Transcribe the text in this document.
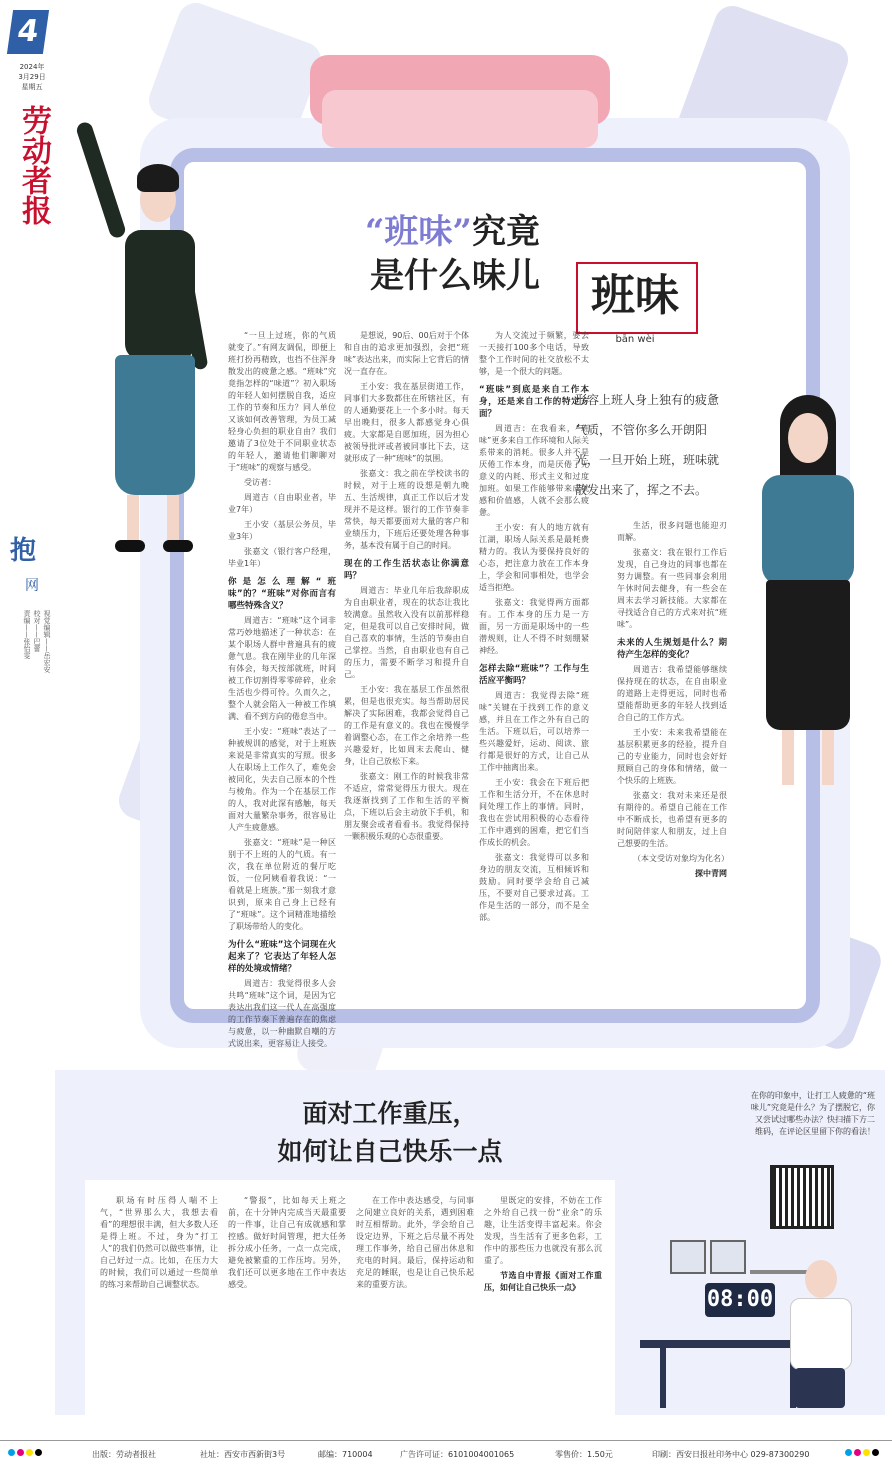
4
2024年
3月29日
星期五
劳动者报
抱
网
视觉编辑——岳宏安
校对——巴蕾
责编——张怡雯
“班味”究竟
是什么味儿	班味
bān wèi
形容上班人身上独有的疲惫气质，不管你多么开朗阳光，一旦开始上班，班味就散发出来了，挥之不去。

“一旦上过班，你的气质就变了。”有网友调侃，即便上班打扮再精致，也挡不住浑身散发出的疲惫之感。“班味”究竟指怎样的“味道”？初入职场的年轻人如何摆脱自我，适应工作的节奏和压力？同人单位又该如何改善管理，为员工减轻身心负担的职业自由？我们邀请了3位处于不同职业状态的年轻人，邀请他们聊聊对于“班味”的观察与感受。

受访者：

周道吉（自由职业者，毕业7年）

王小安（基层公务员，毕业3年）

张嘉文（银行客户经理，毕业1年）

你是怎么理解“班味”的？“班味”对你而言有哪些特殊含义？

周道吉：“班味”这个词非常巧妙地描述了一种状态：在某个职场人群中普遍具有的疲惫气息。我在刚毕业的几年深有体会，每天按部就班，时间被工作切割得零零碎碎，业余生活也少得可怜。久而久之，整个人就会陷入一种被工作填满、看不到方向的倦怠当中。

王小安：“班味”表达了一种被规训的感觉，对于上班族来说是非常真实的写照。很多人在职场上工作久了，难免会被同化，失去自己原本的个性与棱角。作为一个在基层工作的人，我对此深有感触，每天面对大量繁杂事务，很容易让人产生疲惫感。

张嘉文：“班味”是一种区别于不上班的人的气质。有一次，我在单位附近的餐厅吃饭，一位阿姨看着我说：“一看就是上班族。”那一刻我才意识到，原来自己身上已经有了“班味”。这个词精准地描绘了职场带给人的变化。

为什么“班味”这个词现在火起来了？它表达了年轻人怎样的处境或情绪？

周道吉：我觉得很多人会共鸣“班味”这个词，是因为它表达出我们这一代人在高强度的工作节奏下普遍存在的焦虑与疲惫，以一种幽默自嘲的方式说出来，更容易让人接受。

是想说，90后、00后对于个体和自由的追求更加强烈，会把“班味”表达出来，而实际上它背后的情况一直存在。

王小安：我在基层街道工作，同事们大多数都住在所辖社区，有的人通勤要花上一个多小时。每天早出晚归，很多人都感觉身心俱疲。大家都是自愿加班，因为担心被领导批评或者被同事比下去，这就形成了一种“班味”的氛围。

张嘉文：我之前在学校读书的时候，对于上班的设想是朝九晚五、生活规律，真正工作以后才发现并不是这样。银行的工作节奏非常快，每天都要面对大量的客户和业绩压力，下班后还要处理各种事务，基本没有属于自己的时间。

现在的工作生活状态让你满意吗？

周道吉：毕业几年后我辞职成为自由职业者，现在的状态让我比较满意。虽然收入没有以前那样稳定，但是我可以自己安排时间，做自己喜欢的事情，生活的节奏由自己掌控。当然，自由职业也有自己的压力，需要不断学习和提升自己。

王小安：我在基层工作虽然很累，但是也很充实。每当帮助居民解决了实际困难，我都会觉得自己的工作是有意义的。我也在慢慢学着调整心态，在工作之余培养一些兴趣爱好，比如周末去爬山、健身，让自己放松下来。

张嘉文：刚工作的时候我非常不适应，常常觉得压力很大。现在我逐渐找到了工作和生活的平衡点，下班以后会主动放下手机，和朋友聚会或者看看书。我觉得保持一颗积极乐观的心态很重要。

为人交流过于频繁，要去一天接打100多个电话，导致整个工作时间的社交放松不太够，是一个很大的问题。

“班味”到底是来自工作本身，还是来自工作的特定方面？

周道吉：在我看来，“班味”更多来自工作环境和人际关系带来的消耗。很多人并不是厌倦工作本身，而是厌倦了无意义的内耗、形式主义和过度加班。如果工作能够带来成就感和价值感，人就不会那么疲惫。

王小安：有人的地方就有江湖，职场人际关系是最耗费精力的。我认为要保持良好的心态，把注意力放在工作本身上，学会和同事相处，也学会适当拒绝。

张嘉文：我觉得两方面都有。工作本身的压力是一方面，另一方面是职场中的一些潜规则，让人不得不时刻绷紧神经。

怎样去除“班味”？工作与生活应平衡吗？

周道吉：我觉得去除“班味”关键在于找到工作的意义感，并且在工作之外有自己的生活。下班以后，可以培养一些兴趣爱好，运动、阅读、旅行都是很好的方式，让自己从工作中抽离出来。

王小安：我会在下班后把工作和生活分开，不在休息时间处理工作上的事情。同时，我也在尝试用积极的心态看待工作中遇到的困难，把它们当作成长的机会。

张嘉文：我觉得可以多和身边的朋友交流，互相倾诉和鼓励。同时要学会给自己减压，不要对自己要求过高。工作是生活的一部分，而不是全部。

生活，很多问题也能迎刃而解。

张嘉文：我在银行工作后发现，自己身边的同事也都在努力调整。有一些同事会利用午休时间去健身，有一些会在周末去学习新技能。大家都在寻找适合自己的方式来对抗“班味”。

未来的人生规划是什么？期待产生怎样的变化？

周道吉：我希望能够继续保持现在的状态，在自由职业的道路上走得更远，同时也希望能帮助更多的年轻人找到适合自己的工作方式。

王小安：未来我希望能在基层积累更多的经验，提升自己的专业能力，同时也会好好照顾自己的身体和情绪，做一个快乐的上班族。

张嘉文：我对未来还是很有期待的。希望自己能在工作中不断成长，也希望有更多的时间陪伴家人和朋友，过上自己想要的生活。

（本文受访对象均为化名）

探中青网

面对工作重压，
如何让自己快乐一点

职场有时压得人喘不上气，“世界那么大，我想去看看”的理想很丰满，但大多数人还是得上班。不过，身为“打工人”的我们仍然可以做些事情，让自己好过一点。比如，在压力大的时候，我们可以通过一些简单的练习来帮助自己调整状态。

“警报”，比如每天上班之前，在十分钟内完成当天最重要的一件事，让自己有成就感和掌控感。做好时间管理，把大任务拆分成小任务，一点一点完成，避免被繁重的工作压垮。另外，我们还可以更多地在工作中表达感受。

在工作中表达感受，与同事之间建立良好的关系，遇到困难时互相帮助。此外，学会给自己设定边界，下班之后尽量不再处理工作事务，给自己留出休息和充电的时间。最后，保持运动和充足的睡眠，也是让自己快乐起来的重要方法。

里既定的安排，不妨在工作之外给自己找一份“业余”的乐趣，让生活变得丰富起来。你会发现，当生活有了更多色彩，工作中的那些压力也就没有那么沉重了。

节选自中青报《面对工作重压，如何让自己快乐一点》

在你的印象中，让打工人疲惫的“班味儿”究竟是什么？为了摆脱它，你又尝试过哪些办法？快扫描下方二维码，在评论区里留下你的看法！
08:00
出版：劳动者报社	社址：西安市西新街3号	邮编：710004	广告许可证：6101004001065	零售价：1.50元	印刷：西安日报社印务中心 029-87300290
